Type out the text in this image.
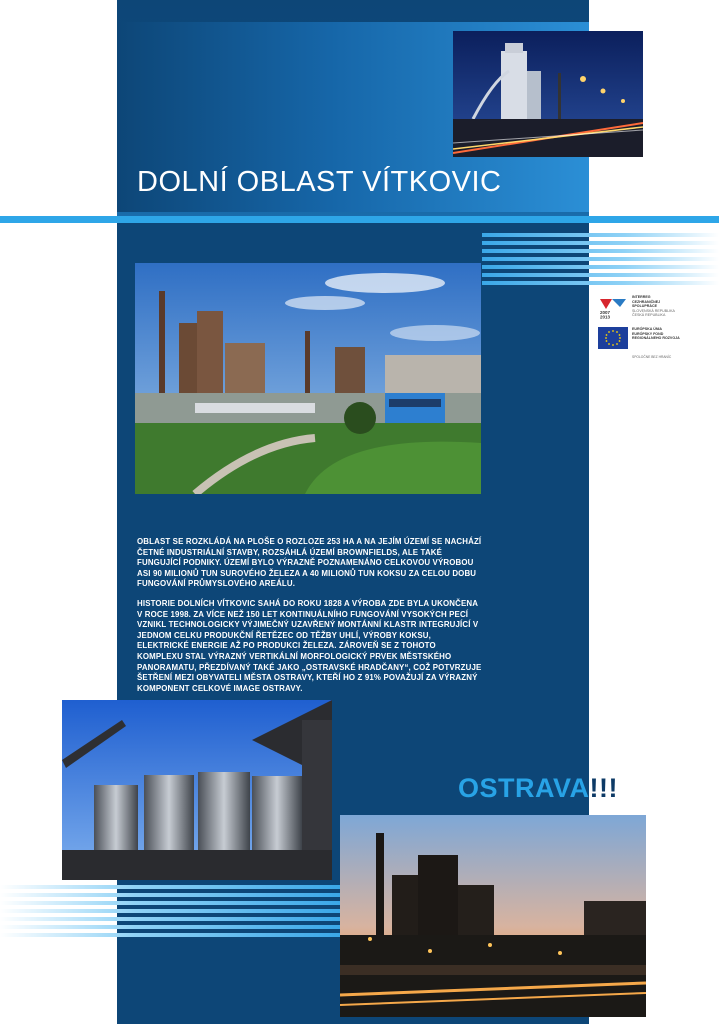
DOLNÍ OBLAST VÍTKOVIC
2007
2013
INTERREG
CEZHRANIČNEJ
SPOLUPRÁCE
SLOVENSKÁ REPUBLIKA
ČESKÁ REPUBLIKA
EURÓPSKA ÚNIA
EURÓPSKY FOND
REGIONÁLNEHO ROZVOJA
SPOLOČNE BEZ HRANÍC

OBLAST SE ROZKLÁDÁ NA PLOŠE O ROZLOZE 253 HA A NA JEJÍM ÚZEMÍ SE NACHÁZÍ ČETNÉ INDUSTRIÁLNÍ STAVBY, ROZSÁHLÁ ÚZEMÍ BROWNFIELDS, ALE TAKÉ FUNGUJÍCÍ PODNIKY. ÚZEMÍ BYLO VÝRAZNĚ POZNAMENÁNO CELKOVOU VÝROBOU ASI 90 MILIONŮ TUN SUROVÉHO ŽELEZA A 40 MILIONŮ TUN KOKSU ZA CELOU DOBU FUNGOVÁNÍ PRŮMYSLOVÉHO AREÁLU.

HISTORIE DOLNÍCH VÍTKOVIC SAHÁ DO ROKU 1828 A VÝROBA ZDE BYLA UKONČENA V ROCE 1998. ZA VÍCE NEŽ 150 LET KONTINUÁLNÍHO FUNGOVÁNÍ VYSOKÝCH PECÍ VZNIKL TECHNOLOGICKY VÝJIMEČNÝ UZAVŘENÝ MONTÁNNÍ KLASTR INTEGRUJÍCÍ V JEDNOM CELKU PRODUKČNÍ ŘETĚZEC OD TĚŽBY UHLÍ, VÝROBY KOKSU, ELEKTRICKÉ ENERGIE AŽ PO PRODUKCI ŽELEZA. ZÁROVEŇ SE Z TOHOTO KOMPLEXU STAL VÝRAZNÝ VERTIKÁLNÍ MORFOLOGICKÝ PRVEK MĚSTSKÉHO PANORAMATU, PŘEZDÍVANÝ TAKÉ JAKO „OSTRAVSKÉ HRADČANY“, COŽ POTVRZUJE ŠETŘENÍ MEZI OBYVATELI MĚSTA OSTRAVY, KTEŘÍ HO Z 91% POVAŽUJÍ ZA VÝRAZNÝ KOMPONENT CELKOVÉ IMAGE OSTRAVY.

OSTRAVA!!!
